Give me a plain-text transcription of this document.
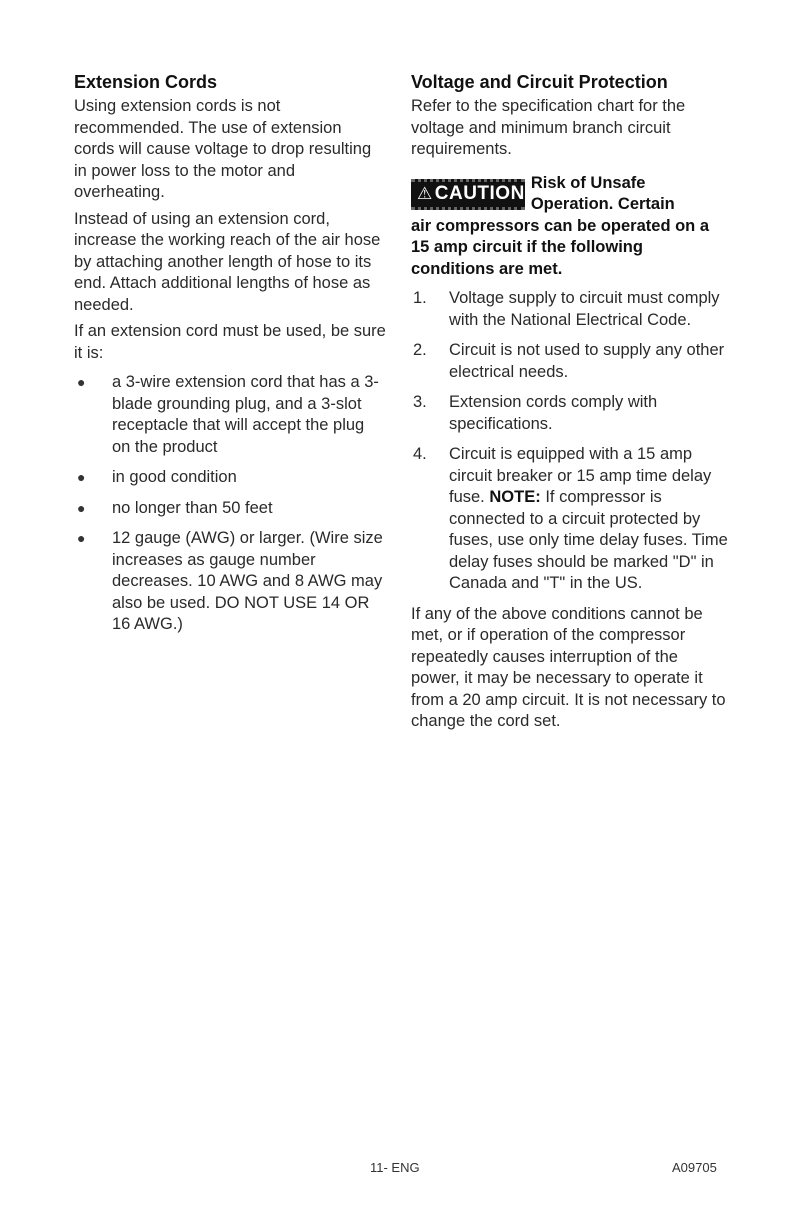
Extension Cords

Using extension cords is not recommended. The use of extension cords will cause voltage to drop resulting in power loss to the motor and overheating.

Instead of using an extension cord, increase the working reach of the air hose by attaching another length of hose to its end. Attach additional lengths of hose as needed.

If an extension cord must be used, be sure it is:

● a 3-wire extension cord that has a 3-blade grounding plug, and a 3-slot receptacle that will accept the plug on the product
● in good condition
● no longer than 50 feet
● 12 gauge (AWG) or larger. (Wire size increases as gauge number decreases. 10 AWG and 8 AWG may also be used. DO NOT USE 14 OR 16 AWG.)
Voltage and Circuit Protection

Refer to the specification chart for the voltage and minimum branch circuit requirements.

⚠ CAUTION
Risk of Unsafe Operation. Certain
air compressors can be operated on a 15 amp circuit if the following conditions are met.
1. Voltage supply to circuit must comply with the National Electrical Code.
2. Circuit is not used to supply any other electrical needs.
3. Extension cords comply with specifications.
4. Circuit is equipped with a 15 amp circuit breaker or 15 amp time delay fuse. NOTE: If compressor is connected to a circuit protected by fuses, use only time delay fuses. Time delay fuses should be marked "D" in Canada and "T" in the US.

If any of the above conditions cannot be met, or if operation of the compressor repeatedly causes interruption of the power, it may be necessary to operate it from a 20 amp circuit. It is not necessary to change the cord set.

11- ENG	A09705
